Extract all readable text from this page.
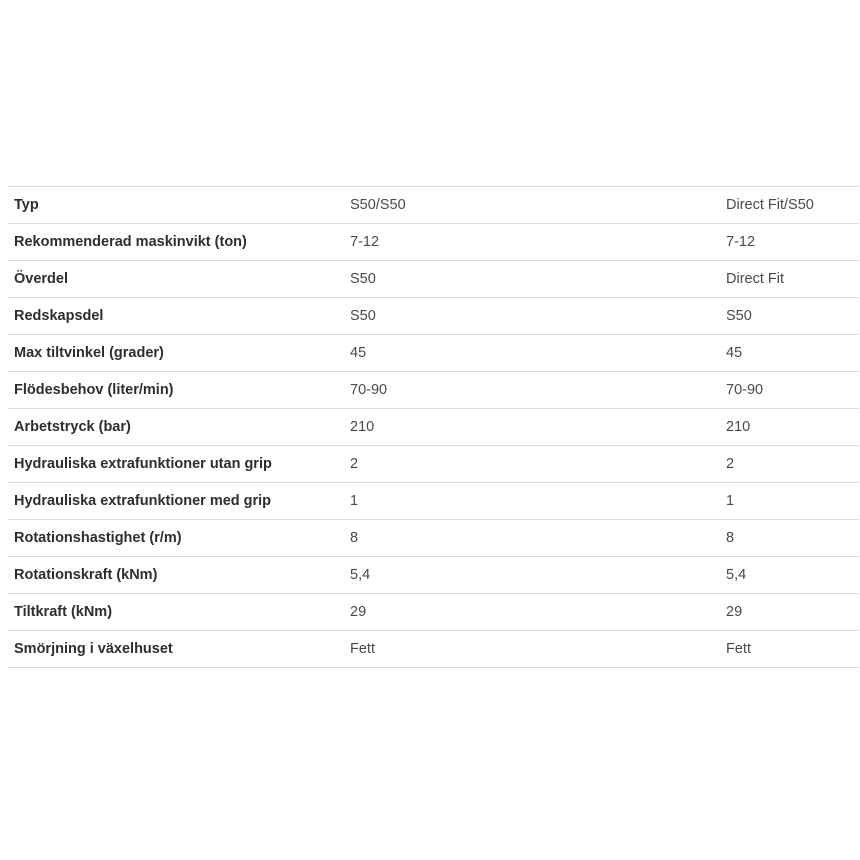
Typ	S50/S50	Direct Fit/S50
Rekommenderad maskinvikt (ton)	7-12	7-12
Överdel	S50	Direct Fit
Redskapsdel	S50	S50
Max tiltvinkel (grader)	45	45
Flödesbehov (liter/min)	70-90	70-90
Arbetstryck (bar)	210	210
Hydrauliska extrafunktioner utan grip	2	2
Hydrauliska extrafunktioner med grip	1	1
Rotationshastighet (r/m)	8	8
Rotationskraft (kNm)	5,4	5,4
Tiltkraft (kNm)	29	29
Smörjning i växelhuset	Fett	Fett
